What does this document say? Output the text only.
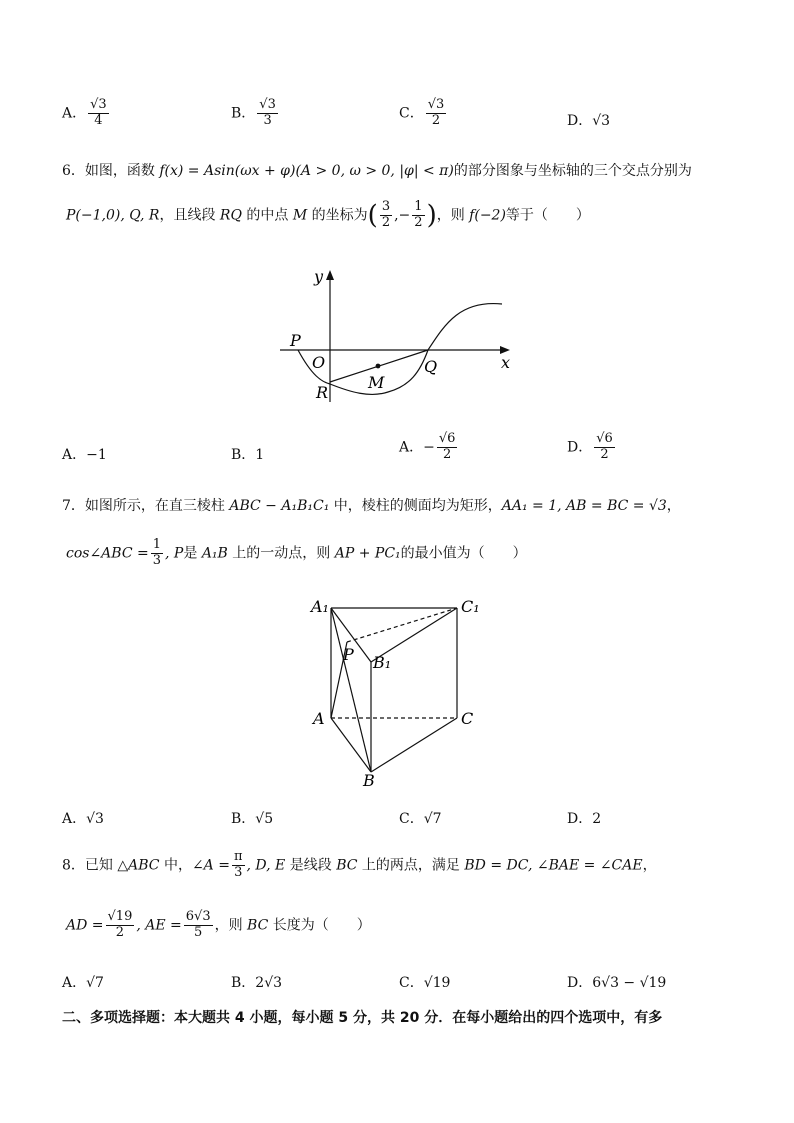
A． $\frac{√3}{4}$	B． $\frac{√3}{3}$	C． $\frac{√3}{2}$	D．√3
6．如图，函数 f(x) = Asin(ωx + φ)(A > 0, ω > 0, |φ| < π)的部分图象与坐标轴的三个交点分别为
P(−1,0), Q, R，且线段 RQ 的中点 M 的坐标为( $\frac{3}{2}$ ,− $\frac{1}{2}$ )，则 f(−2)等于（　　）
y
x
P
O
R
M
Q
A．−1	B．1	A．− $\frac{√6}{2}$	D． $\frac{√6}{2}$
7．如图所示，在直三棱柱 ABC − A₁B₁C₁ 中，棱柱的侧面均为矩形，AA₁ = 1, AB = BC = √3，
cos∠ABC = $\frac{1}{3}$ , P是 A₁B 上的一动点，则 AP + PC₁的最小值为（　　）
A₁	C₁
P B₁
A	C
B
A．√3	B．√5	C．√7	D．2
8．已知 △ABC 中，∠A = $\frac{\pi}{3}$ , D, E 是线段 BC 上的两点，满足 BD = DC, ∠BAE = ∠CAE，
AD = $\frac{√19}{2}$ , AE = $\frac{6√3}{5}$ ，则 BC 长度为（　　）
A．√7	B．2√3	C．√19	D．6√3 − √19
二、多项选择题：本大题共 4 小题，每小题 5 分，共 20 分．在每小题给出的四个选项中，有多
